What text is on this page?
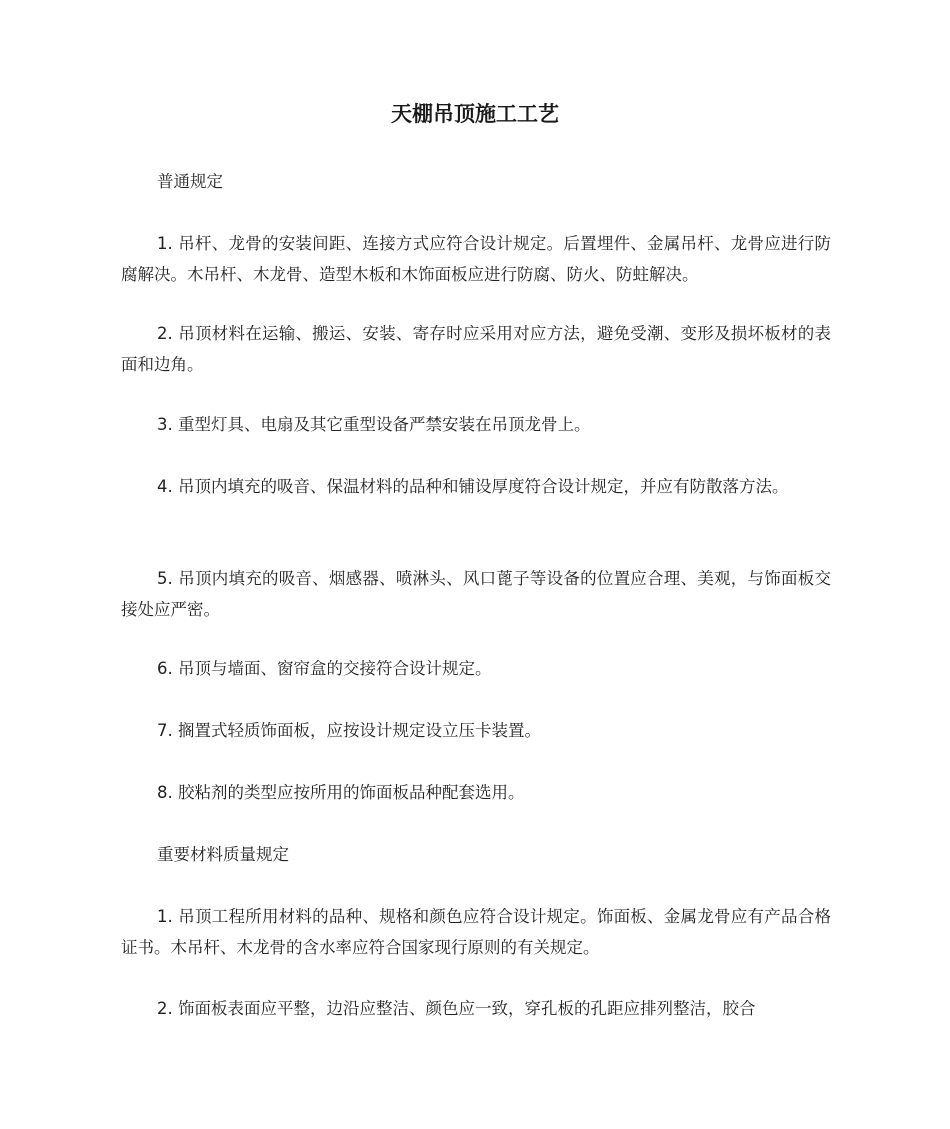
天棚吊顶施工工艺

普通规定

1. 吊杆、龙骨的安装间距、连接方式应符合设计规定。后置埋件、金属吊杆、龙骨应进行防腐解决。木吊杆、木龙骨、造型木板和木饰面板应进行防腐、防火、防蛀解决。

2. 吊顶材料在运输、搬运、安装、寄存时应采用对应方法，避免受潮、变形及损坏板材的表面和边角。

3. 重型灯具、电扇及其它重型设备严禁安装在吊顶龙骨上。

4. 吊顶内填充的吸音、保温材料的品种和铺设厚度符合设计规定，并应有防散落方法。

5. 吊顶内填充的吸音、烟感器、喷淋头、风口蓖子等设备的位置应合理、美观，与饰面板交接处应严密。

6. 吊顶与墙面、窗帘盒的交接符合设计规定。

7. 搁置式轻质饰面板，应按设计规定设立压卡装置。

8. 胶粘剂的类型应按所用的饰面板品种配套选用。

重要材料质量规定

1. 吊顶工程所用材料的品种、规格和颜色应符合设计规定。饰面板、金属龙骨应有产品合格证书。木吊杆、木龙骨的含水率应符合国家现行原则的有关规定。

2. 饰面板表面应平整，边沿应整洁、颜色应一致，穿孔板的孔距应排列整洁，胶合
